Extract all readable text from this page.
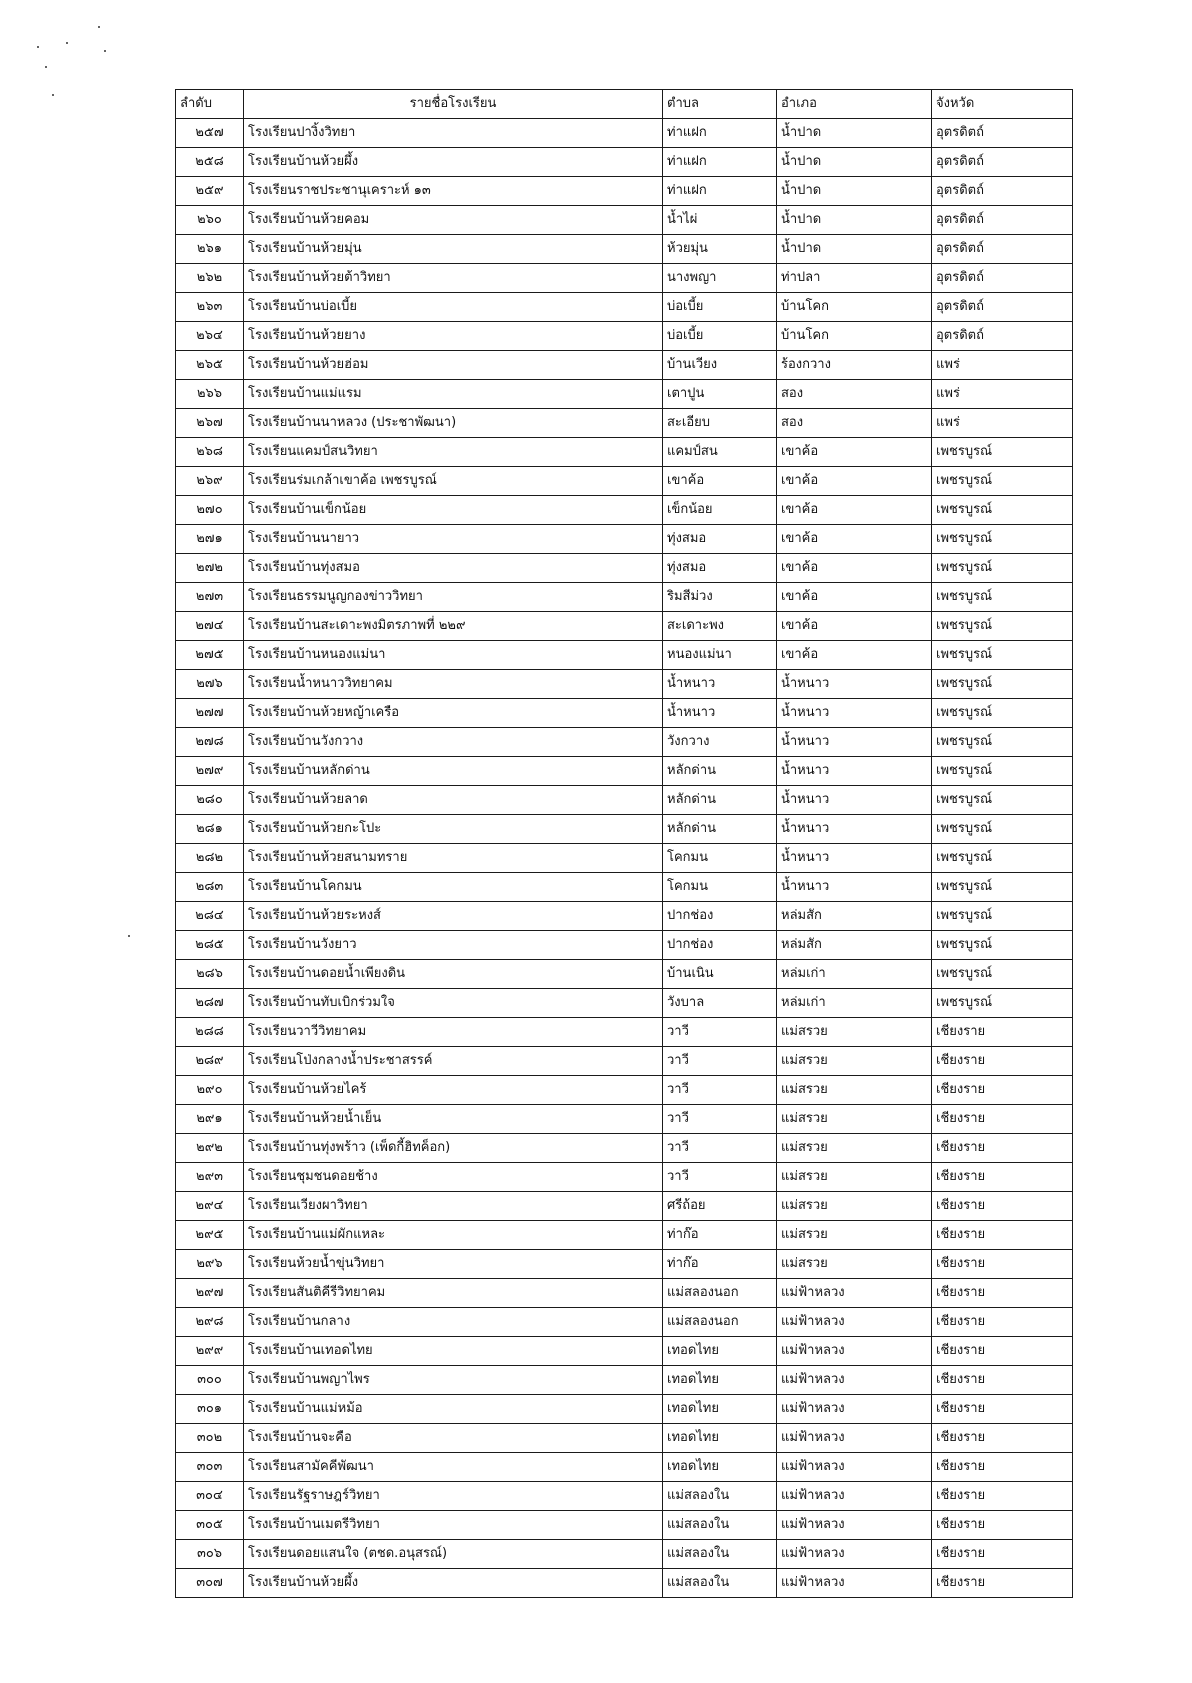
ลำดับ	รายชื่อโรงเรียน	ตำบล	อำเภอ	จังหวัด
๒๕๗	โรงเรียนปางิ้งวิทยา	ท่าแฝก	น้ำปาด	อุตรดิตถ์
๒๕๘	โรงเรียนบ้านห้วยผึ้ง	ท่าแฝก	น้ำปาด	อุตรดิตถ์
๒๕๙	โรงเรียนราชประชานุเคราะห์ ๑๓	ท่าแฝก	น้ำปาด	อุตรดิตถ์
๒๖๐	โรงเรียนบ้านห้วยคอม	น้ำไผ่	น้ำปาด	อุตรดิตถ์
๒๖๑	โรงเรียนบ้านห้วยมุ่น	ห้วยมุ่น	น้ำปาด	อุตรดิตถ์
๒๖๒	โรงเรียนบ้านห้วยต้าวิทยา	นางพญา	ท่าปลา	อุตรดิตถ์
๒๖๓	โรงเรียนบ้านบ่อเบี้ย	บ่อเบี้ย	บ้านโคก	อุตรดิตถ์
๒๖๔	โรงเรียนบ้านห้วยยาง	บ่อเบี้ย	บ้านโคก	อุตรดิตถ์
๒๖๕	โรงเรียนบ้านห้วยฮ่อม	บ้านเวียง	ร้องกวาง	แพร่
๒๖๖	โรงเรียนบ้านแม่แรม	เตาปูน	สอง	แพร่
๒๖๗	โรงเรียนบ้านนาหลวง (ประชาพัฒนา)	สะเอียบ	สอง	แพร่
๒๖๘	โรงเรียนแคมป์สนวิทยา	แคมป์สน	เขาค้อ	เพชรบูรณ์
๒๖๙	โรงเรียนร่มเกล้าเขาค้อ เพชรบูรณ์	เขาค้อ	เขาค้อ	เพชรบูรณ์
๒๗๐	โรงเรียนบ้านเข็กน้อย	เข็กน้อย	เขาค้อ	เพชรบูรณ์
๒๗๑	โรงเรียนบ้านนายาว	ทุ่งสมอ	เขาค้อ	เพชรบูรณ์
๒๗๒	โรงเรียนบ้านทุ่งสมอ	ทุ่งสมอ	เขาค้อ	เพชรบูรณ์
๒๗๓	โรงเรียนธรรมนูญกองข่าววิทยา	ริมสีม่วง	เขาค้อ	เพชรบูรณ์
๒๗๔	โรงเรียนบ้านสะเดาะพงมิตรภาพที่ ๒๒๙	สะเดาะพง	เขาค้อ	เพชรบูรณ์
๒๗๕	โรงเรียนบ้านหนองแม่นา	หนองแม่นา	เขาค้อ	เพชรบูรณ์
๒๗๖	โรงเรียนน้ำหนาววิทยาคม	น้ำหนาว	น้ำหนาว	เพชรบูรณ์
๒๗๗	โรงเรียนบ้านห้วยหญ้าเครือ	น้ำหนาว	น้ำหนาว	เพชรบูรณ์
๒๗๘	โรงเรียนบ้านวังกวาง	วังกวาง	น้ำหนาว	เพชรบูรณ์
๒๗๙	โรงเรียนบ้านหลักด่าน	หลักด่าน	น้ำหนาว	เพชรบูรณ์
๒๘๐	โรงเรียนบ้านห้วยลาด	หลักด่าน	น้ำหนาว	เพชรบูรณ์
๒๘๑	โรงเรียนบ้านห้วยกะโปะ	หลักด่าน	น้ำหนาว	เพชรบูรณ์
๒๘๒	โรงเรียนบ้านห้วยสนามทราย	โคกมน	น้ำหนาว	เพชรบูรณ์
๒๘๓	โรงเรียนบ้านโคกมน	โคกมน	น้ำหนาว	เพชรบูรณ์
๒๘๔	โรงเรียนบ้านห้วยระหงส์	ปากช่อง	หล่มสัก	เพชรบูรณ์
๒๘๕	โรงเรียนบ้านวังยาว	ปากช่อง	หล่มสัก	เพชรบูรณ์
๒๘๖	โรงเรียนบ้านดอยน้ำเพียงดิน	บ้านเนิน	หล่มเก่า	เพชรบูรณ์
๒๘๗	โรงเรียนบ้านทับเบิกร่วมใจ	วังบาล	หล่มเก่า	เพชรบูรณ์
๒๘๘	โรงเรียนวาวีวิทยาคม	วาวี	แม่สรวย	เชียงราย
๒๘๙	โรงเรียนโป่งกลางน้ำประชาสรรค์	วาวี	แม่สรวย	เชียงราย
๒๙๐	โรงเรียนบ้านห้วยไคร้	วาวี	แม่สรวย	เชียงราย
๒๙๑	โรงเรียนบ้านห้วยน้ำเย็น	วาวี	แม่สรวย	เชียงราย
๒๙๒	โรงเรียนบ้านทุ่งพร้าว (เพ็ดกี้ฮิทค็อก)	วาวี	แม่สรวย	เชียงราย
๒๙๓	โรงเรียนชุมชนดอยช้าง	วาวี	แม่สรวย	เชียงราย
๒๙๔	โรงเรียนเวียงผาวิทยา	ศรีถ้อย	แม่สรวย	เชียงราย
๒๙๕	โรงเรียนบ้านแม่ผักแหละ	ท่าก๊อ	แม่สรวย	เชียงราย
๒๙๖	โรงเรียนห้วยน้ำขุ่นวิทยา	ท่าก๊อ	แม่สรวย	เชียงราย
๒๙๗	โรงเรียนสันติคีรีวิทยาคม	แม่สลองนอก	แม่ฟ้าหลวง	เชียงราย
๒๙๘	โรงเรียนบ้านกลาง	แม่สลองนอก	แม่ฟ้าหลวง	เชียงราย
๒๙๙	โรงเรียนบ้านเทอดไทย	เทอดไทย	แม่ฟ้าหลวง	เชียงราย
๓๐๐	โรงเรียนบ้านพญาไพร	เทอดไทย	แม่ฟ้าหลวง	เชียงราย
๓๐๑	โรงเรียนบ้านแม่หม้อ	เทอดไทย	แม่ฟ้าหลวง	เชียงราย
๓๐๒	โรงเรียนบ้านจะคือ	เทอดไทย	แม่ฟ้าหลวง	เชียงราย
๓๐๓	โรงเรียนสามัคคีพัฒนา	เทอดไทย	แม่ฟ้าหลวง	เชียงราย
๓๐๔	โรงเรียนรัฐราษฎร์วิทยา	แม่สลองใน	แม่ฟ้าหลวง	เชียงราย
๓๐๕	โรงเรียนบ้านเมตรีวิทยา	แม่สลองใน	แม่ฟ้าหลวง	เชียงราย
๓๐๖	โรงเรียนดอยแสนใจ (ตชด.อนุสรณ์)	แม่สลองใน	แม่ฟ้าหลวง	เชียงราย
๓๐๗	โรงเรียนบ้านห้วยผึ้ง	แม่สลองใน	แม่ฟ้าหลวง	เชียงราย
